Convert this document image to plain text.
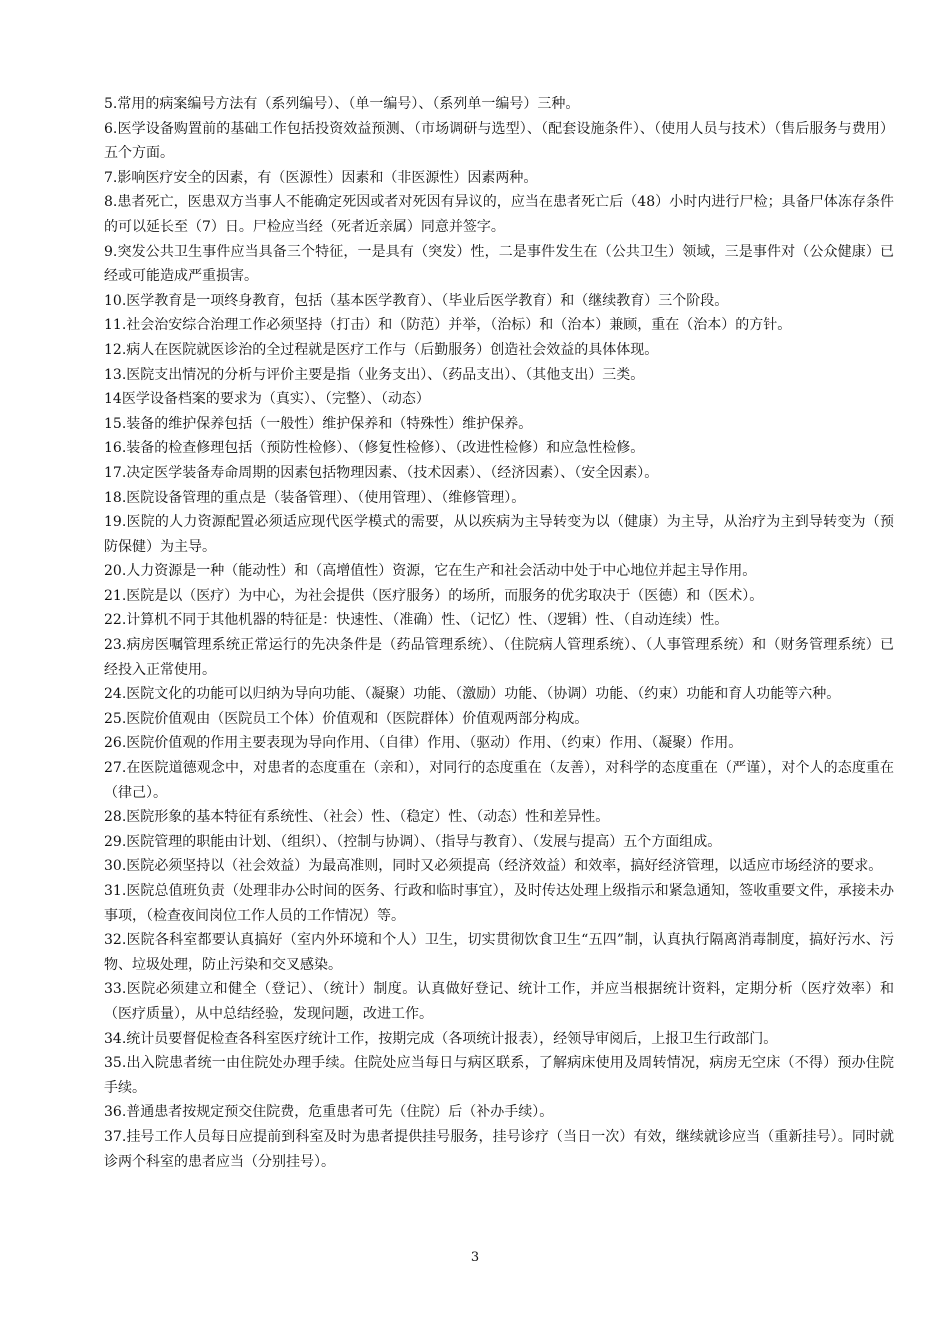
5.常用的病案编号方法有（系列编号）、（单一编号）、（系列单一编号）三种。

6.医学设备购置前的基础工作包括投资效益预测、（市场调研与选型）、（配套设施条件）、（使用人员与技术）（售后服务与费用）五个方面。

7.影响医疗安全的因素，有（医源性）因素和（非医源性）因素两种。

8.患者死亡，医患双方当事人不能确定死因或者对死因有异议的，应当在患者死亡后（48）小时内进行尸检；具备尸体冻存条件的可以延长至（7）日。尸检应当经（死者近亲属）同意并签字。

9.突发公共卫生事件应当具备三个特征，一是具有（突发）性，二是事件发生在（公共卫生）领域，三是事件对（公众健康）已经或可能造成严重损害。

10.医学教育是一项终身教育，包括（基本医学教育）、（毕业后医学教育）和（继续教育）三个阶段。

11.社会治安综合治理工作必须坚持（打击）和（防范）并举，（治标）和（治本）兼顾，重在（治本）的方针。

12.病人在医院就医诊治的全过程就是医疗工作与（后勤服务）创造社会效益的具体体现。

13.医院支出情况的分析与评价主要是指（业务支出）、（药品支出）、（其他支出）三类。

14医学设备档案的要求为（真实）、（完整）、（动态）

15.装备的维护保养包括（一般性）维护保养和（特殊性）维护保养。

16.装备的检查修理包括（预防性检修）、（修复性检修）、（改进性检修）和应急性检修。

17.决定医学装备寿命周期的因素包括物理因素、（技术因素）、（经济因素）、（安全因素）。

18.医院设备管理的重点是（装备管理）、（使用管理）、（维修管理）。

19.医院的人力资源配置必须适应现代医学模式的需要，从以疾病为主导转变为以（健康）为主导，从治疗为主到导转变为（预防保健）为主导。

20.人力资源是一种（能动性）和（高增值性）资源，它在生产和社会活动中处于中心地位并起主导作用。

21.医院是以（医疗）为中心，为社会提供（医疗服务）的场所，而服务的优劣取决于（医德）和（医术）。

22.计算机不同于其他机器的特征是：快速性、（准确）性、（记忆）性、（逻辑）性、（自动连续）性。

23.病房医嘱管理系统正常运行的先决条件是（药品管理系统）、（住院病人管理系统）、（人事管理系统）和（财务管理系统）已经投入正常使用。

24.医院文化的功能可以归纳为导向功能、（凝聚）功能、（激励）功能、（协调）功能、（约束）功能和育人功能等六种。

25.医院价值观由（医院员工个体）价值观和（医院群体）价值观两部分构成。

26.医院价值观的作用主要表现为导向作用、（自律）作用、（驱动）作用、（约束）作用、（凝聚）作用。

27.在医院道德观念中，对患者的态度重在（亲和），对同行的态度重在（友善），对科学的态度重在（严谨），对个人的态度重在（律己）。

28.医院形象的基本特征有系统性、（社会）性、（稳定）性、（动态）性和差异性。

29.医院管理的职能由计划、（组织）、（控制与协调）、（指导与教育）、（发展与提高）五个方面组成。

30.医院必须坚持以（社会效益）为最高准则，同时又必须提高（经济效益）和效率，搞好经济管理，以适应市场经济的要求。

31.医院总值班负责（处理非办公时间的医务、行政和临时事宜），及时传达处理上级指示和紧急通知，签收重要文件，承接未办事项，（检查夜间岗位工作人员的工作情况）等。

32.医院各科室都要认真搞好（室内外环境和个人）卫生，切实贯彻饮食卫生“五四”制，认真执行隔离消毒制度，搞好污水、污物、垃圾处理，防止污染和交叉感染。

33.医院必须建立和健全（登记）、（统计）制度。认真做好登记、统计工作，并应当根据统计资料，定期分析（医疗效率）和（医疗质量），从中总结经验，发现问题，改进工作。

34.统计员要督促检查各科室医疗统计工作，按期完成（各项统计报表），经领导审阅后，上报卫生行政部门。

35.出入院患者统一由住院处办理手续。住院处应当每日与病区联系，了解病床使用及周转情况，病房无空床（不得）预办住院手续。

36.普通患者按规定预交住院费，危重患者可先（住院）后（补办手续）。

37.挂号工作人员每日应提前到科室及时为患者提供挂号服务，挂号诊疗（当日一次）有效，继续就诊应当（重新挂号）。同时就诊两个科室的患者应当（分别挂号）。

3
